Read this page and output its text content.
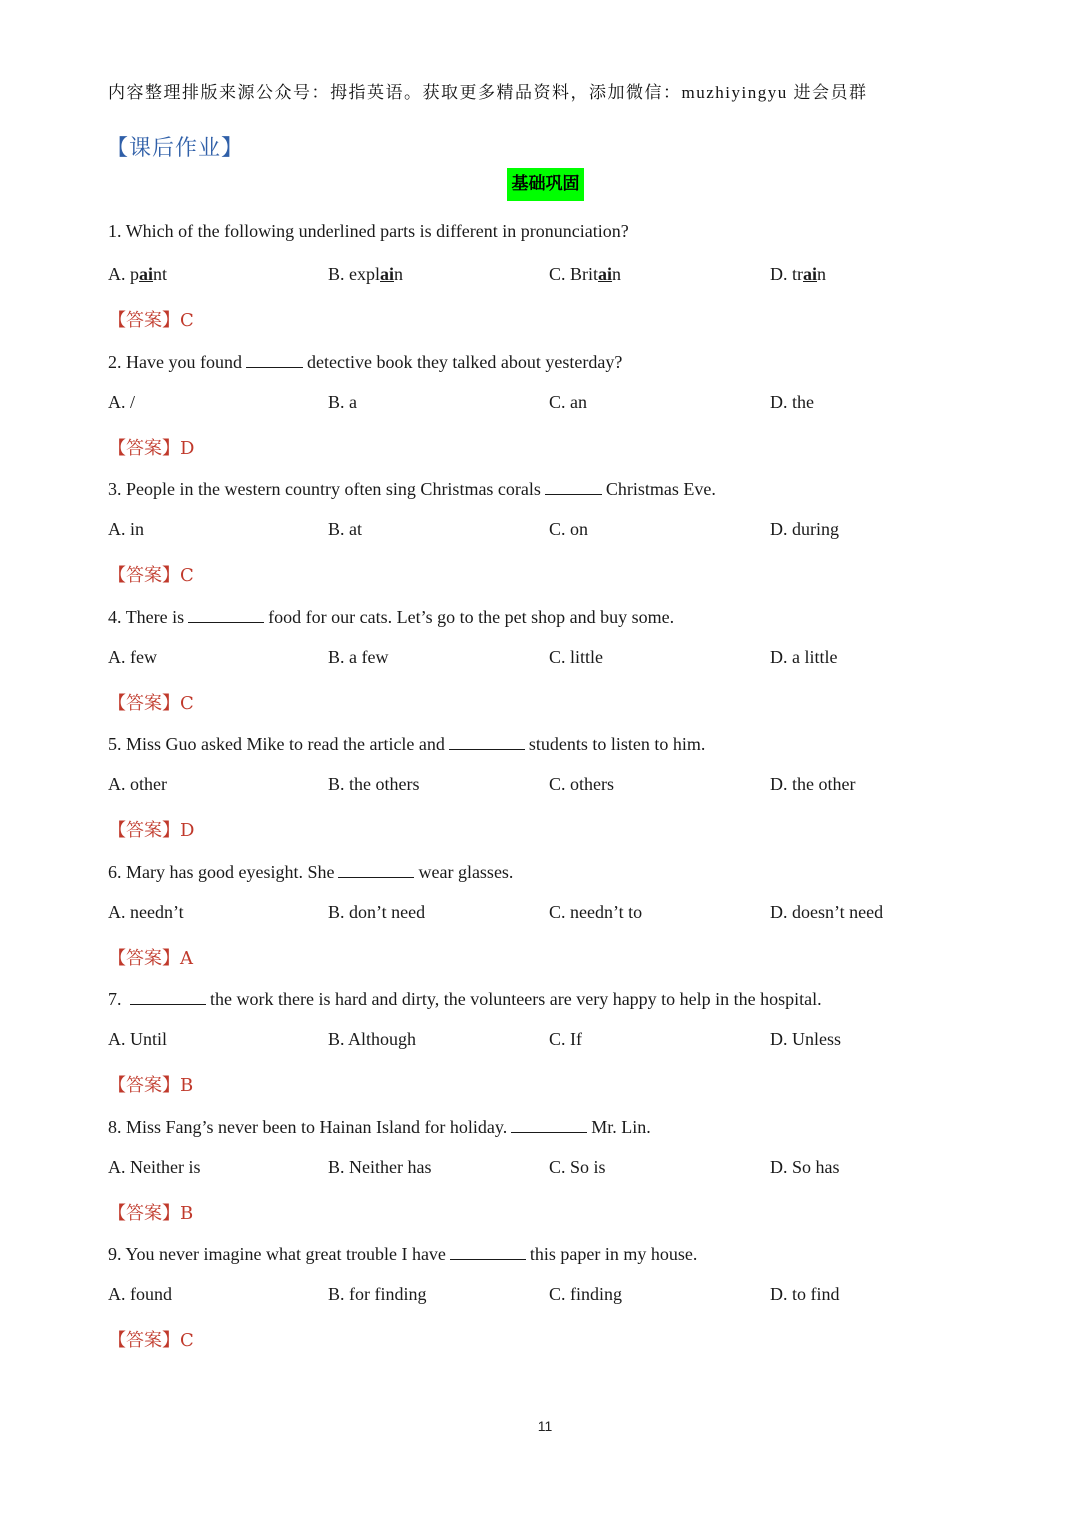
内容整理排版来源公众号：拇指英语。获取更多精品资料，添加微信：muzhiyingyu 进会员群
【课后作业】
基础巩固
1. Which of the following underlined parts is different in pronunciation?
A. paint	B. explain	C. Britain	D. train
【答案】C
2. Have you found	detective book they talked about yesterday?
A. /	B. a	C. an	D. the
【答案】D
3. People in the western country often sing Christmas corals	Christmas Eve.
A. in	B. at	C. on	D. during
【答案】C
4. There is	food for our cats. Let’s go to the pet shop and buy some.
A. few	B. a few	C. little	D. a little
【答案】C
5. Miss Guo asked Mike to read the article and	students to listen to him.
A. other	B. the others	C. others	D. the other
【答案】D
6. Mary has good eyesight. She	wear glasses.
A. needn’t	B. don’t need	C. needn’t to	D. doesn’t need
【答案】A
7.	the work there is hard and dirty, the volunteers are very happy to help in the hospital.
A. Until	B. Although	C. If	D. Unless
【答案】B
8. Miss Fang’s never been to Hainan Island for holiday.	Mr. Lin.
A. Neither is	B. Neither has	C. So is	D. So has
【答案】B
9. You never imagine what great trouble I have	this paper in my house.
A. found	B. for finding	C. finding	D. to find
【答案】C
11
